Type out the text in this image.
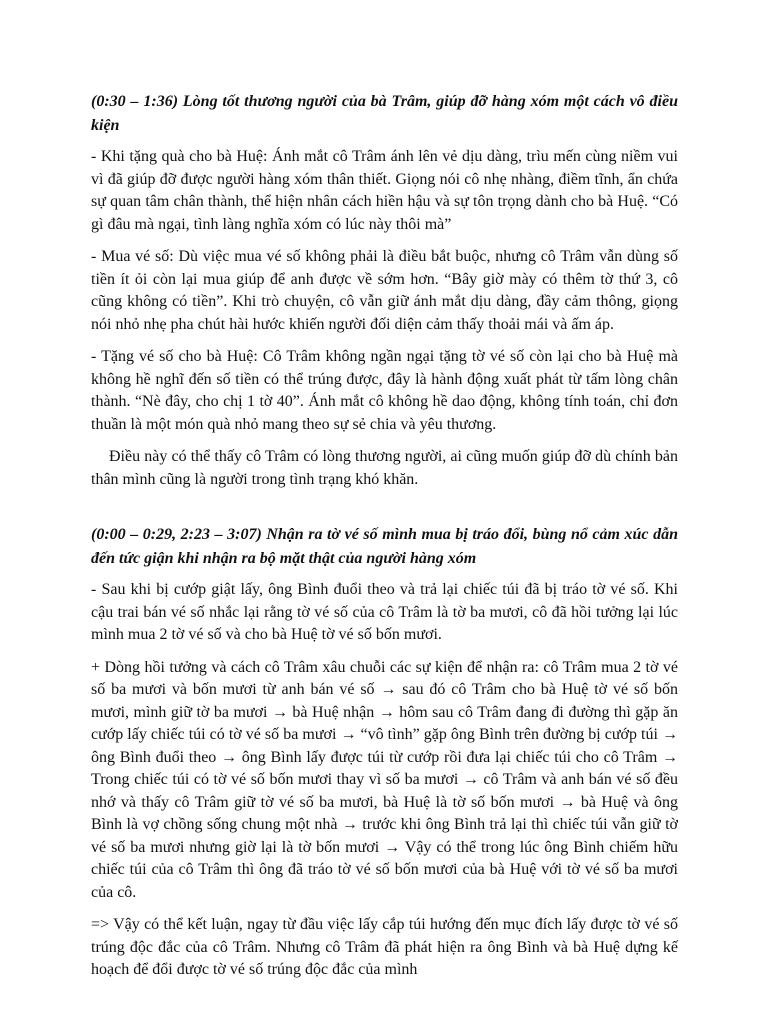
(0:30 – 1:36) Lòng tốt thương người của bà Trâm, giúp đỡ hàng xóm một cách vô điều kiện

- Khi tặng quà cho bà Huệ: Ánh mắt cô Trâm ánh lên vẻ dịu dàng, trìu mến cùng niềm vui vì đã giúp đỡ được người hàng xóm thân thiết. Giọng nói cô nhẹ nhàng, điềm tĩnh, ẩn chứa sự quan tâm chân thành, thể hiện nhân cách hiền hậu và sự tôn trọng dành cho bà Huệ. “Có gì đâu mà ngại, tình làng nghĩa xóm có lúc này thôi mà”

- Mua vé số: Dù việc mua vé số không phải là điều bắt buộc, nhưng cô Trâm vẫn dùng số tiền ít ỏi còn lại mua giúp để anh được về sớm hơn. “Bây giờ mày có thêm tờ thứ 3, cô cũng không có tiền”. Khi trò chuyện, cô vẫn giữ ánh mắt dịu dàng, đầy cảm thông, giọng nói nhỏ nhẹ pha chút hài hước khiến người đối diện cảm thấy thoải mái và ấm áp.

- Tặng vé số cho bà Huệ: Cô Trâm không ngần ngại tặng tờ vé số còn lại cho bà Huệ mà không hề nghĩ đến số tiền có thể trúng được, đây là hành động xuất phát từ tấm lòng chân thành. “Nè đây, cho chị 1 tờ 40”. Ánh mắt cô không hề dao động, không tính toán, chỉ đơn thuần là một món quà nhỏ mang theo sự sẻ chia và yêu thương.

Điều này có thể thấy cô Trâm có lòng thương người, ai cũng muốn giúp đỡ dù chính bản thân mình cũng là người trong tình trạng khó khăn.

(0:00 – 0:29, 2:23 – 3:07) Nhận ra tờ vé số mình mua bị tráo đổi, bùng nổ cảm xúc dẫn đến tức giận khi nhận ra bộ mặt thật của người hàng xóm

- Sau khi bị cướp giật lấy, ông Bình đuổi theo và trả lại chiếc túi đã bị tráo tờ vé số. Khi cậu trai bán vé số nhắc lại rằng tờ vé số của cô Trâm là tờ ba mươi, cô đã hồi tưởng lại lúc mình mua 2 tờ vé số và cho bà Huệ tờ vé số bốn mươi.

+ Dòng hồi tưởng và cách cô Trâm xâu chuỗi các sự kiện để nhận ra: cô Trâm mua 2 tờ vé số ba mươi và bốn mươi từ anh bán vé số → sau đó cô Trâm cho bà Huệ tờ vé số bốn mươi, mình giữ tờ ba mươi → bà Huệ nhận → hôm sau cô Trâm đang đi đường thì gặp ăn cướp lấy chiếc túi có tờ vé số ba mươi → “vô tình” gặp ông Bình trên đường bị cướp túi → ông Bình đuổi theo → ông Bình lấy được túi từ cướp rồi đưa lại chiếc túi cho cô Trâm → Trong chiếc túi có tờ vé số bốn mươi thay vì số ba mươi → cô Trâm và anh bán vé số đều nhớ và thấy cô Trâm giữ tờ vé số ba mươi, bà Huệ là tờ số bốn mươi → bà Huệ và ông Bình là vợ chồng sống chung một nhà → trước khi ông Bình trả lại thì chiếc túi vẫn giữ tờ vé số ba mươi nhưng giờ lại là tờ bốn mươi → Vậy có thể trong lúc ông Bình chiếm hữu chiếc túi của cô Trâm thì ông đã tráo tờ vé số bốn mươi của bà Huệ với tờ vé số ba mươi của cô.

=> Vậy có thể kết luận, ngay từ đầu việc lấy cắp túi hướng đến mục đích lấy được tờ vé số trúng độc đắc của cô Trâm. Nhưng cô Trâm đã phát hiện ra ông Bình và bà Huệ dựng kế hoạch để đổi được tờ vé số trúng độc đắc của mình
